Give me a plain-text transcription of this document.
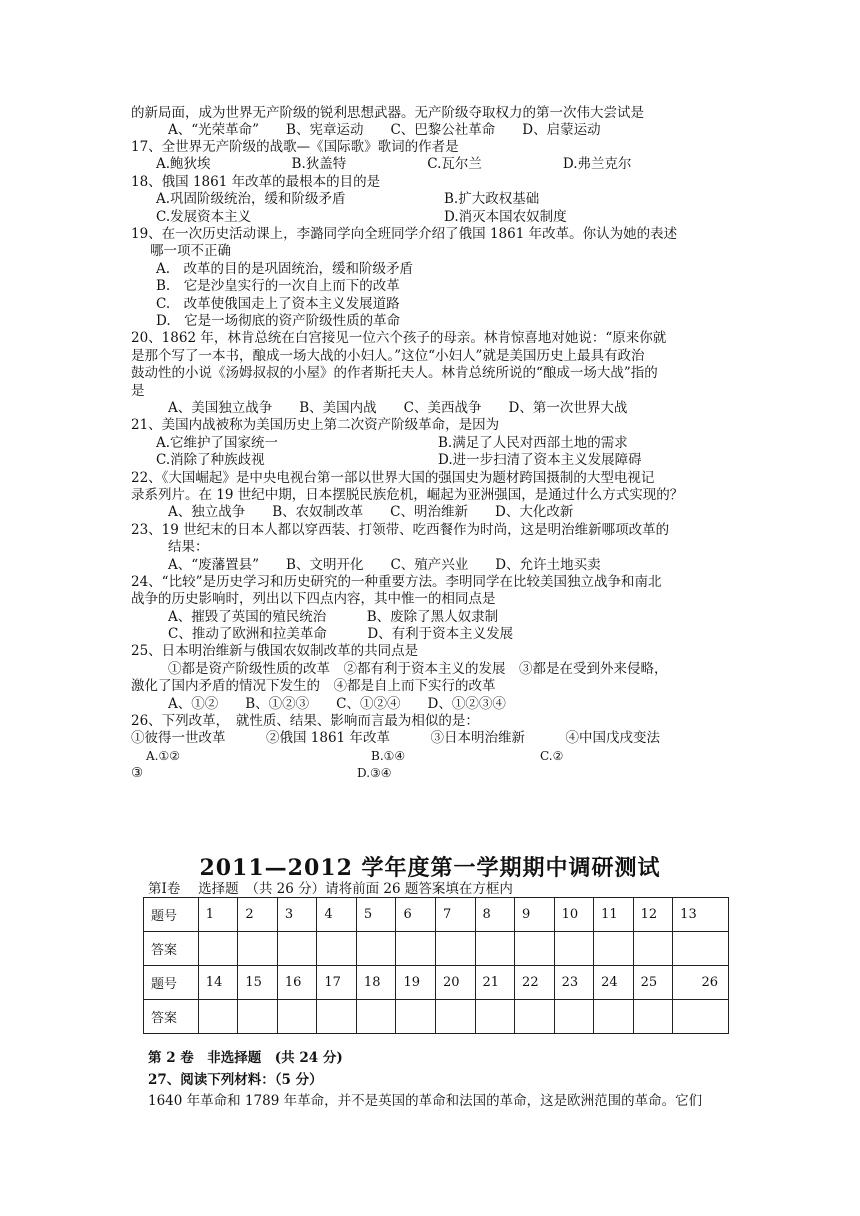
的新局面，成为世界无产阶级的锐利思想武器。无产阶级夺取权力的第一次伟大尝试是
A、“光荣革命”　　B、宪章运动　　C、巴黎公社革命　　D、启蒙运动
17、全世界无产阶级的战歌—《国际歌》歌词的作者是
A.鲍狄埃　　　　　　B.狄盖特　　　　　　C.瓦尔兰　　　　　　D.弗兰克尔
18、俄国 1861 年改革的最根本的目的是
A.巩固阶级统治，缓和阶级矛盾	B.扩大政权基础
C.发展资本主义	D.消灭本国农奴制度
19、在一次历史活动课上，李潞同学向全班同学介绍了俄国 1861 年改革。你认为她的表述
哪一项不正确
A.　改革的目的是巩固统治，缓和阶级矛盾
B.　它是沙皇实行的一次自上而下的改革
C.　改革使俄国走上了资本主义发展道路
D.　它是一场彻底的资产阶级性质的革命
20、1862 年，林肯总统在白宫接见一位六个孩子的母亲。林肯惊喜地对她说：“原来你就
是那个写了一本书，酿成一场大战的小妇人。”这位“小妇人”就是美国历史上最具有政治
鼓动性的小说《汤姆叔叔的小屋》的作者斯托夫人。林肯总统所说的“酿成一场大战”指的
是
A、美国独立战争　　B、美国内战　　C、美西战争　　D、第一次世界大战
21、美国内战被称为美国历史上第二次资产阶级革命，是因为
A.它维护了国家统一	B.满足了人民对西部土地的需求
C.消除了种族歧视	D.进一步扫清了资本主义发展障碍
22、《大国崛起》是中央电视台第一部以世界大国的强国史为题材跨国摄制的大型电视记
录系列片。在 19 世纪中期，日本摆脱民族危机，崛起为亚洲强国，是通过什么方式实现的？
A、独立战争　　B、农奴制改革　　C、明治维新　　D、大化改新
23、19 世纪末的日本人都以穿西装、打领带、吃西餐作为时尚，这是明治维新哪项改革的
结果：
A、“废藩置县”　　B、文明开化　　C、殖产兴业　　D、允许土地买卖
24、“比较”是历史学习和历史研究的一种重要方法。李明同学在比较美国独立战争和南北
战争的历史影响时，列出以下四点内容，其中惟一的相同点是
A、摧毁了英国的殖民统治　　　B、废除了黑人奴隶制
C、推动了欧洲和拉美革命　　　D、有利于资本主义发展
25、日本明治维新与俄国农奴制改革的共同点是
①都是资产阶级性质的改革　②都有利于资本主义的发展　③都是在受到外来侵略，
激化了国内矛盾的情况下发生的　④都是自上而下实行的改革
A、①②　　B、①②③　　C、①②④　　D、①②③④
26、下列改革，　就性质、结果、影响而言最为相似的是：
①彼得一世改革　　　②俄国 1861 年改革　　　③日本明治维新　　　④中国戊戌变法
A.①②	B.①④	C.②
③	D.③④
2011—2012 学年度第一学期期中调研测试
第Ⅰ卷　 选择题　（共 26 分）请将前面 26 题答案填在方框内
题号	1	2	3	4	5	6	7	8	9	10	11	12	13
答案													
题号	14	15	16	17	18	19	20	21	22	23	24	25	26
答案													
第 2 卷　非选择题　(共 24 分)
27、阅读下列材料：（5 分）
1640 年革命和 1789 年革命，并不是英国的革命和法国的革命，这是欧洲范围的革命。它们
